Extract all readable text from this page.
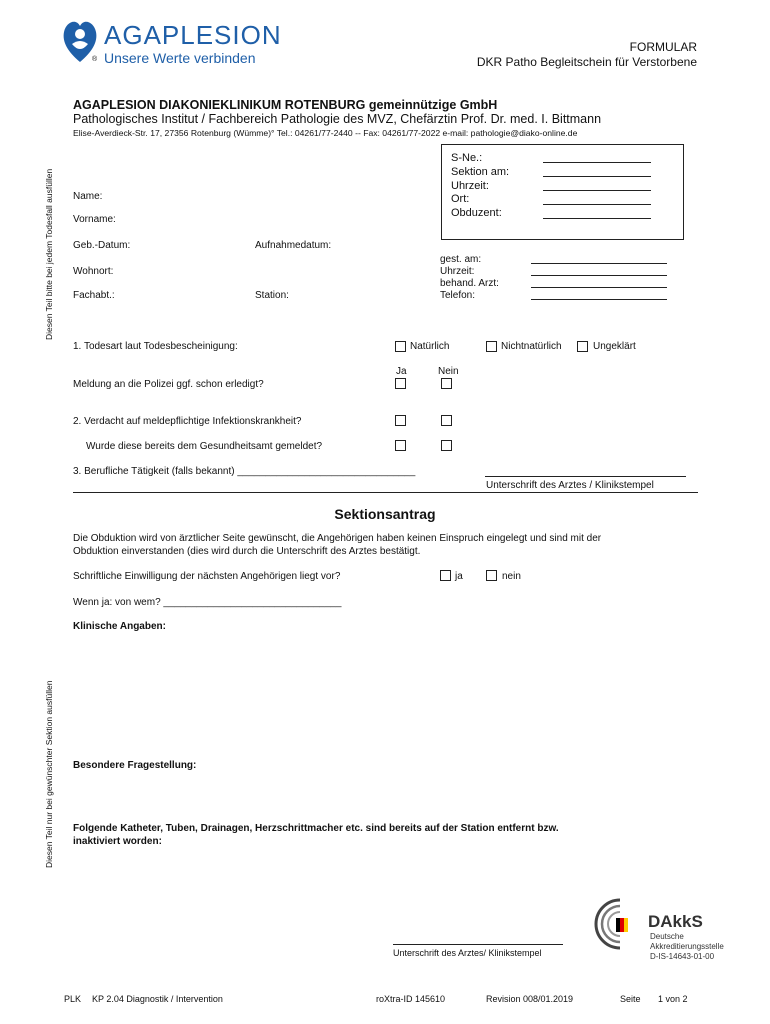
AGAPLESION
® Unsere Werte verbinden
FORMULAR
DKR Patho Begleitschein für Verstorbene
AGAPLESION DIAKONIEKLINIKUM ROTENBURG gemeinnützige GmbH
Pathologisches Institut / Fachbereich Pathologie des MVZ, Chefärztin Prof. Dr. med. I. Bittmann
Elise-Averdieck-Str. 17, 27356 Rotenburg (Wümme)° Tel.: 04261/77-2440 -- Fax: 04261/77-2022 e-mail: pathologie@diako-online.de
Diesen Teil bitte bei jedem Todesfall ausfüllen
Diesen Teil nur bei gewünschter Sektion ausfüllen
S-Ne.:
Sektion am:
Uhrzeit:
Ort:
Obduzent:
Name:
Vorname:
Geb.-Datum:	Aufnahmedatum:
Wohnort:
Fachabt.:	Station:
gest. am:
Uhrzeit:
behand. Arzt:
Telefon:
1. Todesart laut Todesbescheinigung:	Natürlich	Nichtnatürlich	Ungeklärt
Ja	Nein
Meldung an die Polizei ggf. schon erledigt?
2. Verdacht auf meldepflichtige Infektionskrankheit?
Wurde diese bereits dem Gesundheitsamt gemeldet?
3. Berufliche Tätigkeit (falls bekannt) ________________________________
Unterschrift des Arztes / Klinikstempel
Sektionsantrag
Die Obduktion wird von ärztlicher Seite gewünscht, die Angehörigen haben keinen Einspruch eingelegt und sind mit der
Obduktion einverstanden (dies wird durch die Unterschrift des Arztes bestätigt.
Schriftliche Einwilligung der nächsten Angehörigen liegt vor?	ja	nein
Wenn ja: von wem? ________________________________
Klinische Angaben:
Besondere Fragestellung:
Folgende Katheter, Tuben, Drainagen, Herzschrittmacher etc. sind bereits auf der Station entfernt bzw.
inaktiviert worden:
Unterschrift des Arztes/ Klinikstempel
DAkkS
Deutsche
Akkreditierungsstelle
D-IS-14643-01-00
PLK KP 2.04 Diagnostik / Intervention	roXtra-ID 145610	Revision 008/01.2019	Seite 1 von 2
